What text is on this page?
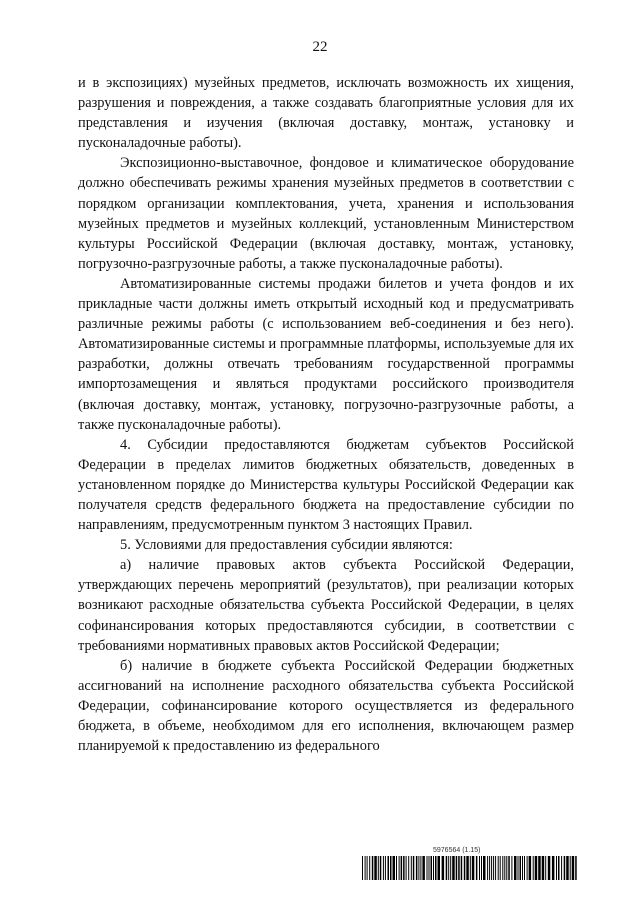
22

и в экспозициях) музейных предметов, исключать возможность их хищения, разрушения и повреждения, а также создавать благоприятные условия для их представления и изучения (включая доставку, монтаж, установку и пусконаладочные работы).

Экспозиционно-выставочное, фондовое и климатическое оборудование должно обеспечивать режимы хранения музейных предметов в соответствии с порядком организации комплектования, учета, хранения и использования музейных предметов и музейных коллекций, установленным Министерством культуры Российской Федерации (включая доставку, монтаж, установку, погрузочно-разгрузочные работы, а также пусконаладочные работы).

Автоматизированные системы продажи билетов и учета фондов и их прикладные части должны иметь открытый исходный код и предусматривать различные режимы работы (с использованием веб-соединения и без него). Автоматизированные системы и программные платформы, используемые для их разработки, должны отвечать требованиям государственной программы импортозамещения и являться продуктами российского производителя (включая доставку, монтаж, установку, погрузочно-разгрузочные работы, а также пусконаладочные работы).

4. Субсидии предоставляются бюджетам субъектов Российской Федерации в пределах лимитов бюджетных обязательств, доведенных в установленном порядке до Министерства культуры Российской Федерации как получателя средств федерального бюджета на предоставление субсидии по направлениям, предусмотренным пунктом 3 настоящих Правил.

5. Условиями для предоставления субсидии являются:

а) наличие правовых актов субъекта Российской Федерации, утверждающих перечень мероприятий (результатов), при реализации которых возникают расходные обязательства субъекта Российской Федерации, в целях софинансирования которых предоставляются субсидии, в соответствии с требованиями нормативных правовых актов Российской Федерации;

б) наличие в бюджете субъекта Российской Федерации бюджетных ассигнований на исполнение расходного обязательства субъекта Российской Федерации, софинансирование которого осуществляется из федерального бюджета, в объеме, необходимом для его исполнения, включающем размер планируемой к предоставлению из федерального

5976564 (1.15)
